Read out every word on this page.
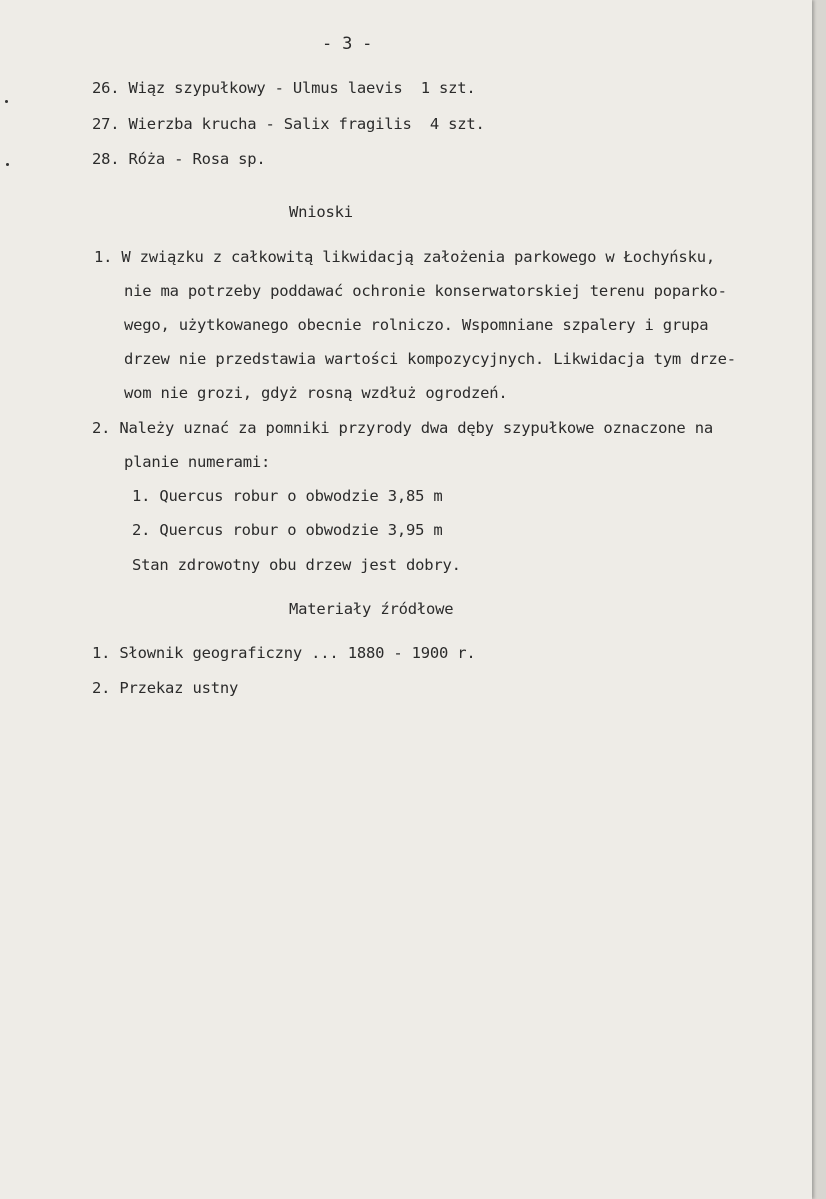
- 3 -
26. Wiąz szypułkowy - Ulmus laevis  1 szt.
27. Wierzba krucha - Salix fragilis  4 szt.
28. Róża - Rosa sp.
Wnioski
1. W związku z całkowitą likwidacją założenia parkowego w Łochyńsku,
nie ma potrzeby poddawać ochronie konserwatorskiej terenu poparko-
wego, użytkowanego obecnie rolniczo. Wspomniane szpalery i grupa
drzew nie przedstawia wartości kompozycyjnych. Likwidacja tym drze-
wom nie grozi, gdyż rosną wzdłuż ogrodzeń.
2. Należy uznać za pomniki przyrody dwa dęby szypułkowe oznaczone na
planie numerami:
1. Quercus robur o obwodzie 3,85 m
2. Quercus robur o obwodzie 3,95 m
Stan zdrowotny obu drzew jest dobry.
Materiały źródłowe
1. Słownik geograficzny ... 1880 - 1900 r.
2. Przekaz ustny
